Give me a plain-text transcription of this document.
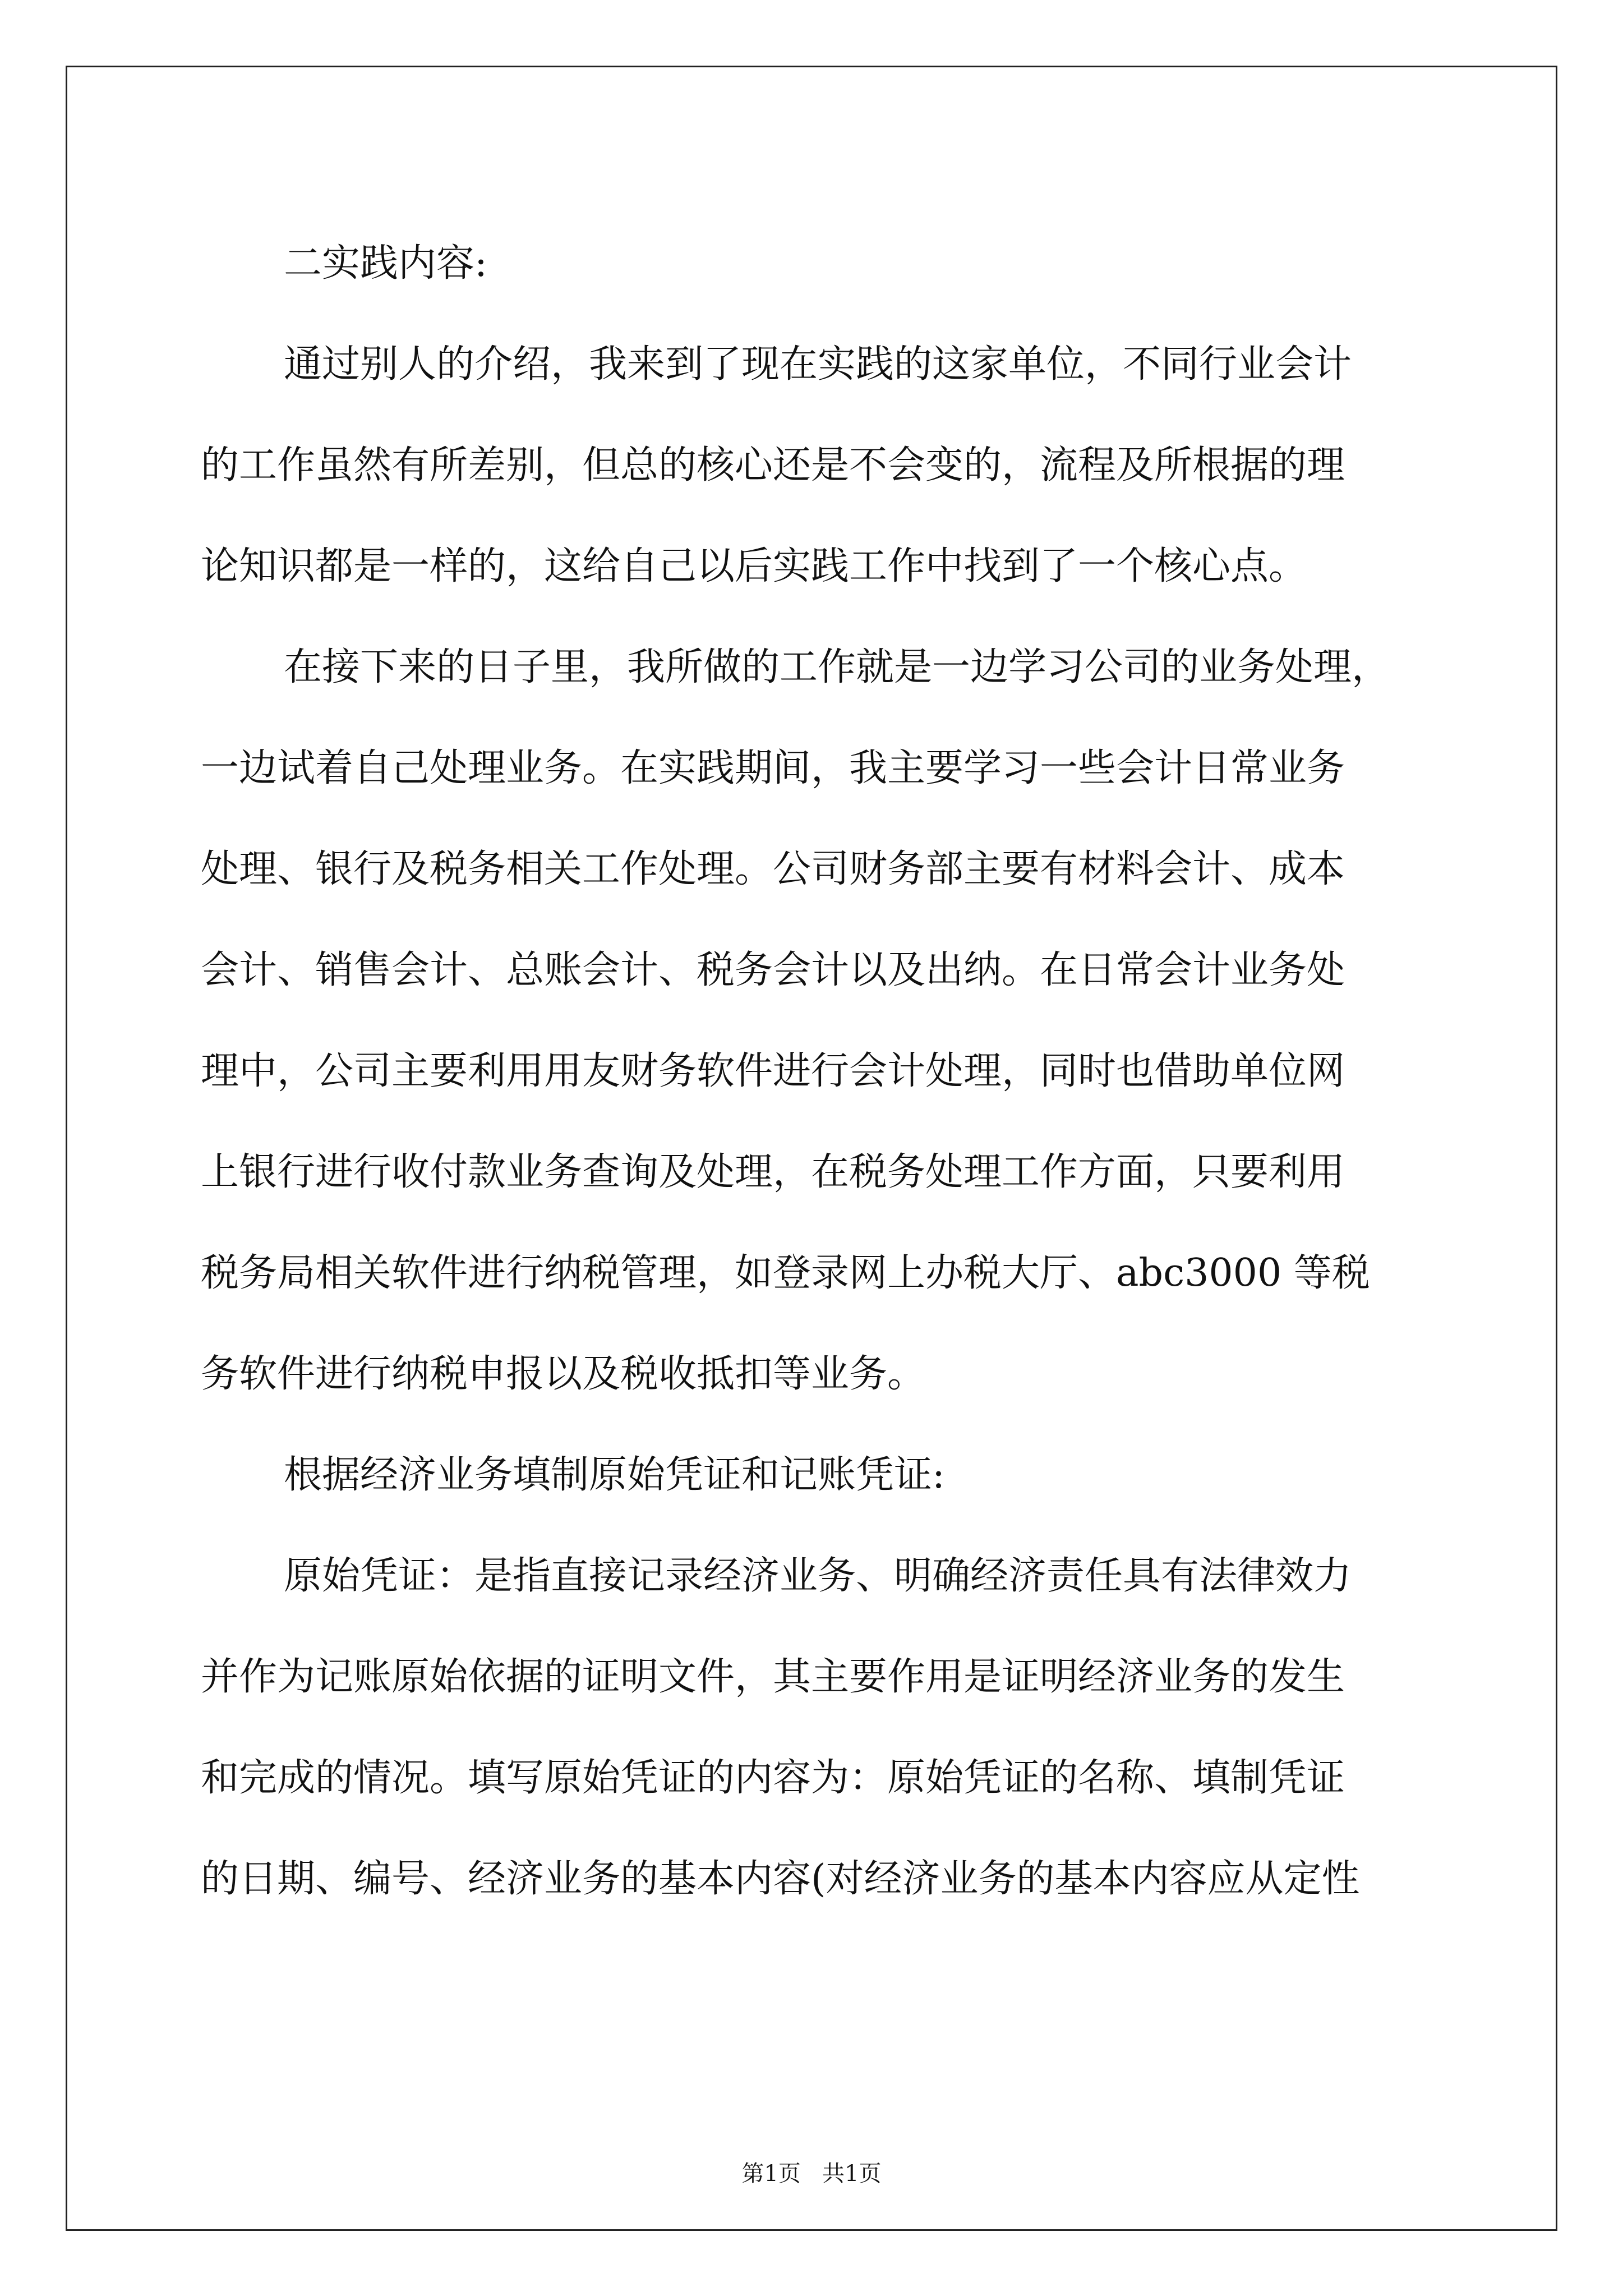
二实践内容:
通过别人的介绍，我来到了现在实践的这家单位，不同行业会计
的工作虽然有所差别，但总的核心还是不会变的，流程及所根据的理
论知识都是一样的，这给自己以后实践工作中找到了一个核心点。
在接下来的日子里，我所做的工作就是一边学习公司的业务处理，
一边试着自己处理业务。在实践期间，我主要学习一些会计日常业务
处理、银行及税务相关工作处理。公司财务部主要有材料会计、成本
会计、销售会计、总账会计、税务会计以及出纳。在日常会计业务处
理中，公司主要利用用友财务软件进行会计处理，同时也借助单位网
上银行进行收付款业务查询及处理，在税务处理工作方面，只要利用
税务局相关软件进行纳税管理，如登录网上办税大厅、abc3000 等税
务软件进行纳税申报以及税收抵扣等业务。
根据经济业务填制原始凭证和记账凭证:
原始凭证：是指直接记录经济业务、明确经济责任具有法律效力
并作为记账原始依据的证明文件，其主要作用是证明经济业务的发生
和完成的情况。填写原始凭证的内容为：原始凭证的名称、填制凭证
的日期、编号、经济业务的基本内容(对经济业务的基本内容应从定性
第1页   共1页
